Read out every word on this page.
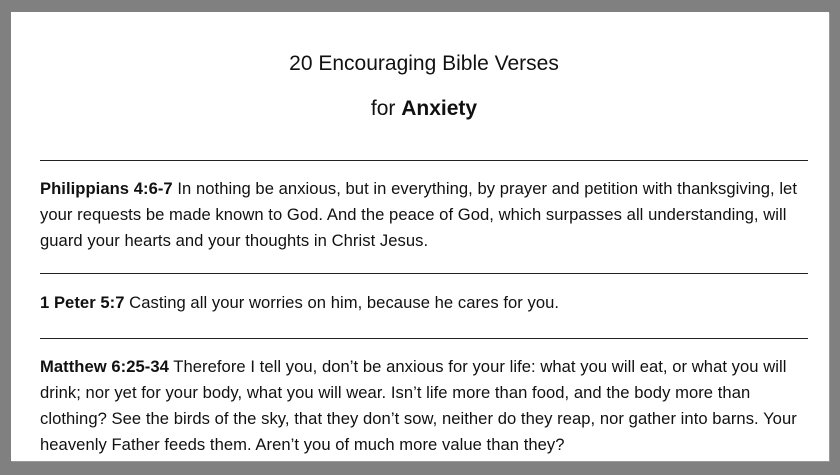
20 Encouraging Bible Verses
for Anxiety
Philippians 4:6-7 In nothing be anxious, but in everything, by prayer and petition with thanksgiving, let your requests be made known to God. And the peace of God, which surpasses all understanding, will guard your hearts and your thoughts in Christ Jesus.
1 Peter 5:7 Casting all your worries on him, because he cares for you.
Matthew 6:25-34 Therefore I tell you, don’t be anxious for your life: what you will eat, or what you will drink; nor yet for your body, what you will wear. Isn’t life more than food, and the body more than clothing? See the birds of the sky, that they don’t sow, neither do they reap, nor gather into barns. Your heavenly Father feeds them. Aren’t you of much more value than they?
